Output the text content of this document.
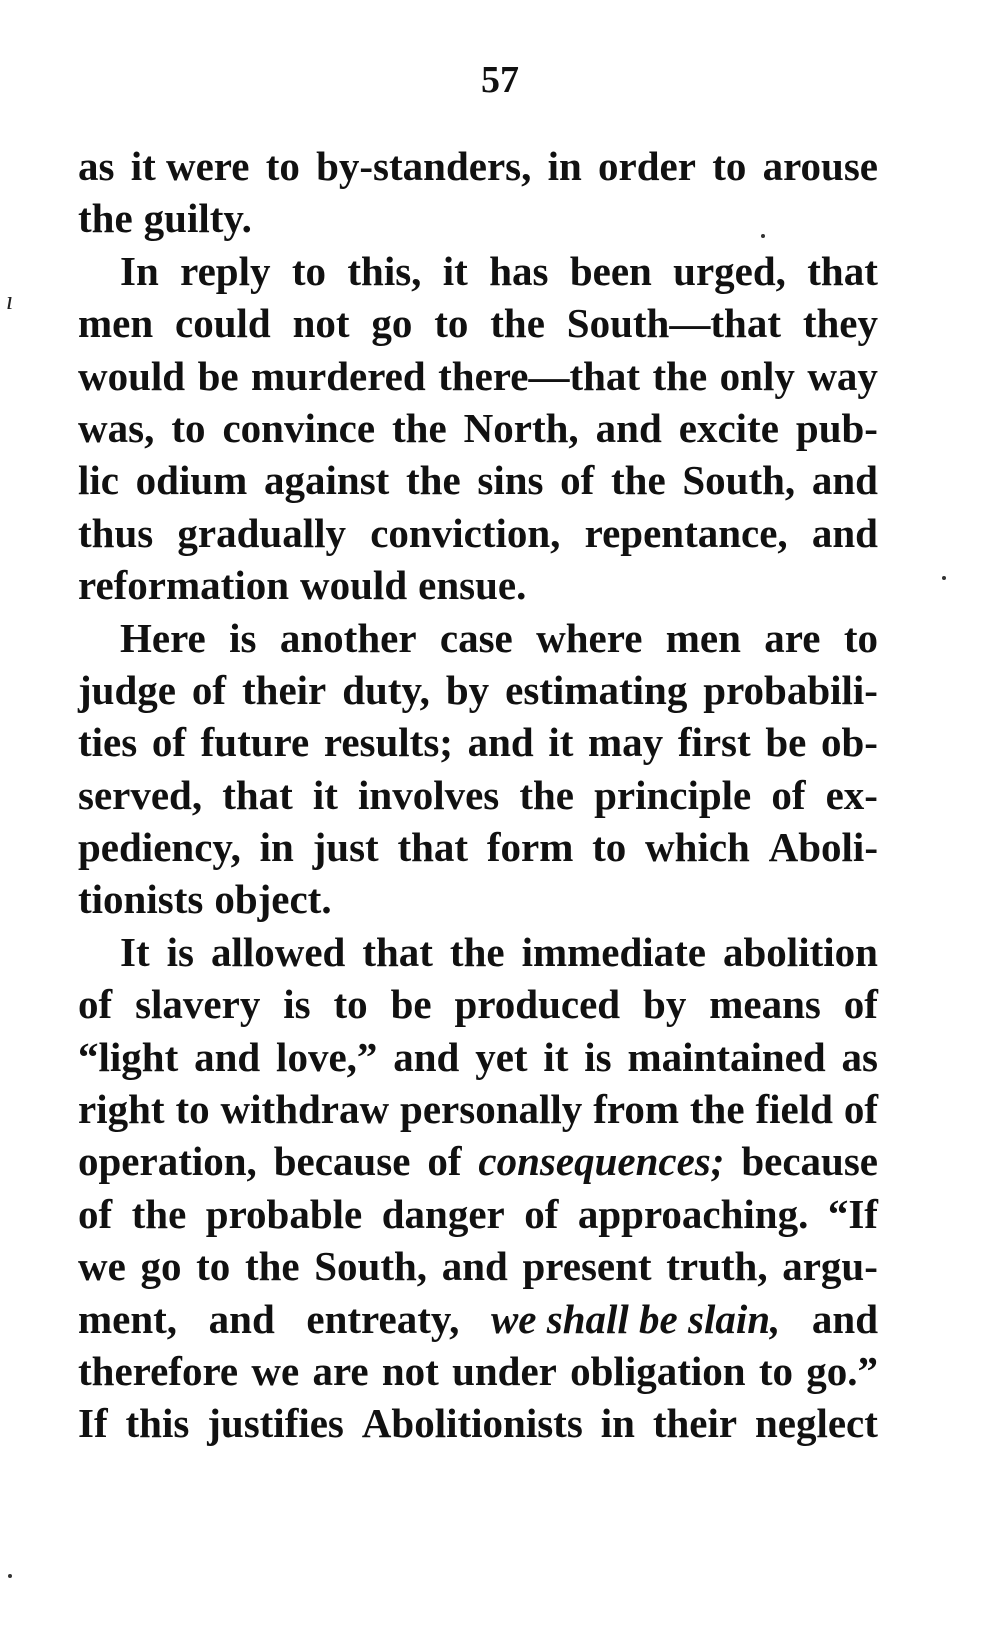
57
ı
as it were to by-standers, in order to arouse
the guilty.
In reply to this, it has been urged, that
men could not go to the South—that they
would be murdered there—that the only way
was, to convince the North, and excite pub-
lic odium against the sins of the South, and
thus gradually conviction, repentance, and
reformation would ensue.
Here is another case where men are to
judge of their duty, by estimating probabili-
ties of future results; and it may first be ob-
served, that it involves the principle of ex-
pediency, in just that form to which Aboli-
tionists object.
It is allowed that the immediate abolition
of slavery is to be produced by means of
“light and love,” and yet it is maintained as
right to withdraw personally from the field of
operation, because of consequences; because
of the probable danger of approaching. “If
we go to the South, and present truth, argu-
ment, and entreaty, we shall be slain, and
therefore we are not under obligation to go.”
If this justifies Abolitionists in their neglect
